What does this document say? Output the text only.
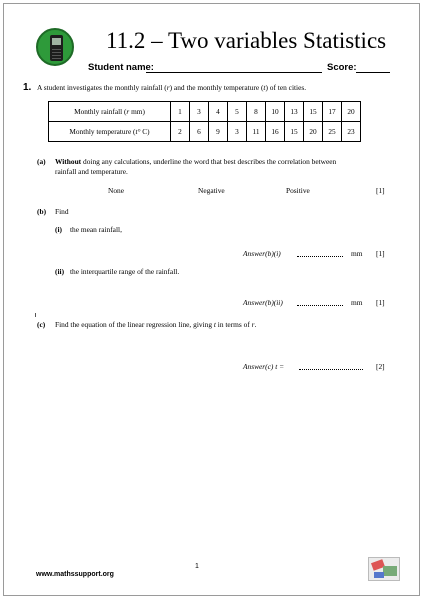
11.2 – Two variables Statistics
Student name:	Score:
1. A student investigates the monthly rainfall (r) and the monthly temperature (t) of ten cities.
Monthly rainfall (r mm)	1	3	4	5	8	10	13	15	17	20
Monthly temperature (t° C)	2	6	9	3	11	16	15	20	25	23
(a) Without doing any calculations, underline the word that best describes the correlation between
rainfall and temperature.
None	Negative	Positive	[1]
(b) Find
(i) the mean rainfall,
Answer(b)(i)	mm [1]
(ii) the interquartile range of the rainfall.
Answer(b)(ii)	mm [1]
(c) Find the equation of the linear regression line, giving t in terms of r.
Answer(c) t =	[2]
1
www.mathssupport.org
